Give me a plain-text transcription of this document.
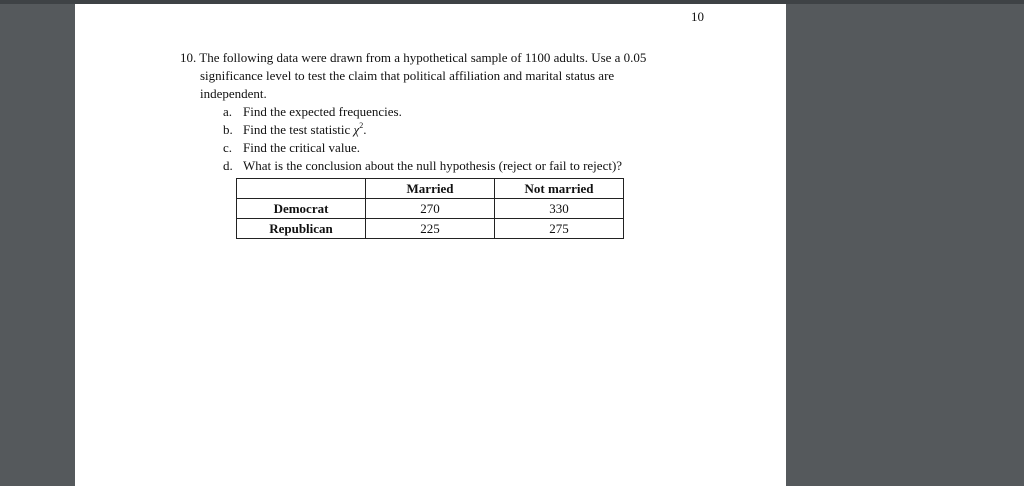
10
10. The following data were drawn from a hypothetical sample of 1100 adults. Use a 0.05
significance level to test the claim that political affiliation and marital status are
independent.
a. Find the expected frequencies.
b. Find the test statistic $\chi^2$.
c. Find the critical value.
d. What is the conclusion about the null hypothesis (reject or fail to reject)?
	Married	Not married
Democrat	270	330
Republican	225	275
